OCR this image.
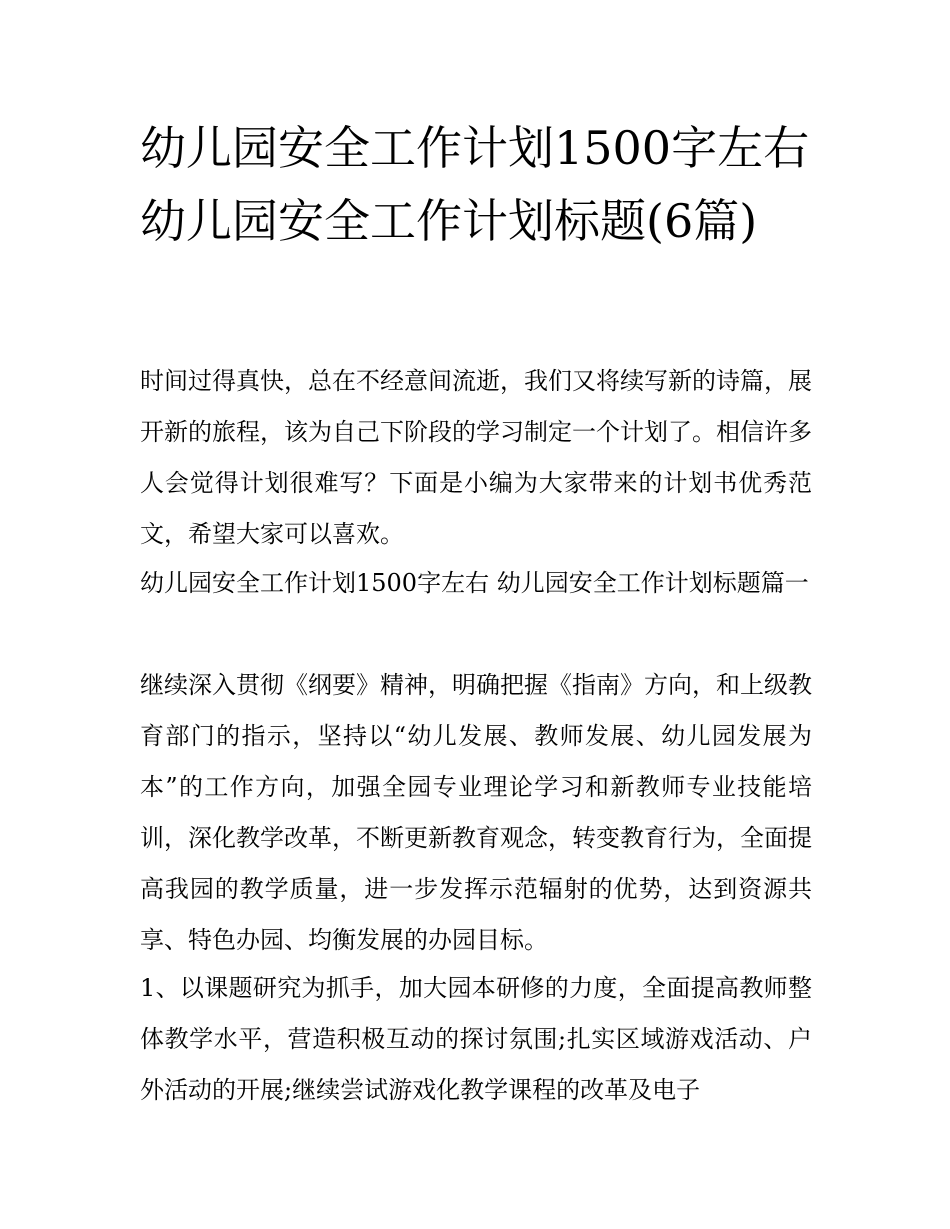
幼儿园安全工作计划1500字左右 幼儿园安全工作计划标题(6篇)

时间过得真快，总在不经意间流逝，我们又将续写新的诗篇，展开新的旅程，该为自己下阶段的学习制定一个计划了。相信许多人会觉得计划很难写？下面是小编为大家带来的计划书优秀范文，希望大家可以喜欢。

幼儿园安全工作计划1500字左右 幼儿园安全工作计划标题篇一

继续深入贯彻《纲要》精神，明确把握《指南》方向，和上级教育部门的指示，坚持以“幼儿发展、教师发展、幼儿园发展为本”的工作方向，加强全园专业理论学习和新教师专业技能培训，深化教学改革，不断更新教育观念，转变教育行为，全面提高我园的教学质量，进一步发挥示范辐射的优势，达到资源共享、特色办园、均衡发展的办园目标。

1、以课题研究为抓手，加大园本研修的力度，全面提高教师整体教学水平，营造积极互动的探讨氛围;扎实区域游戏活动、户外活动的开展;继续尝试游戏化教学课程的改革及电子
